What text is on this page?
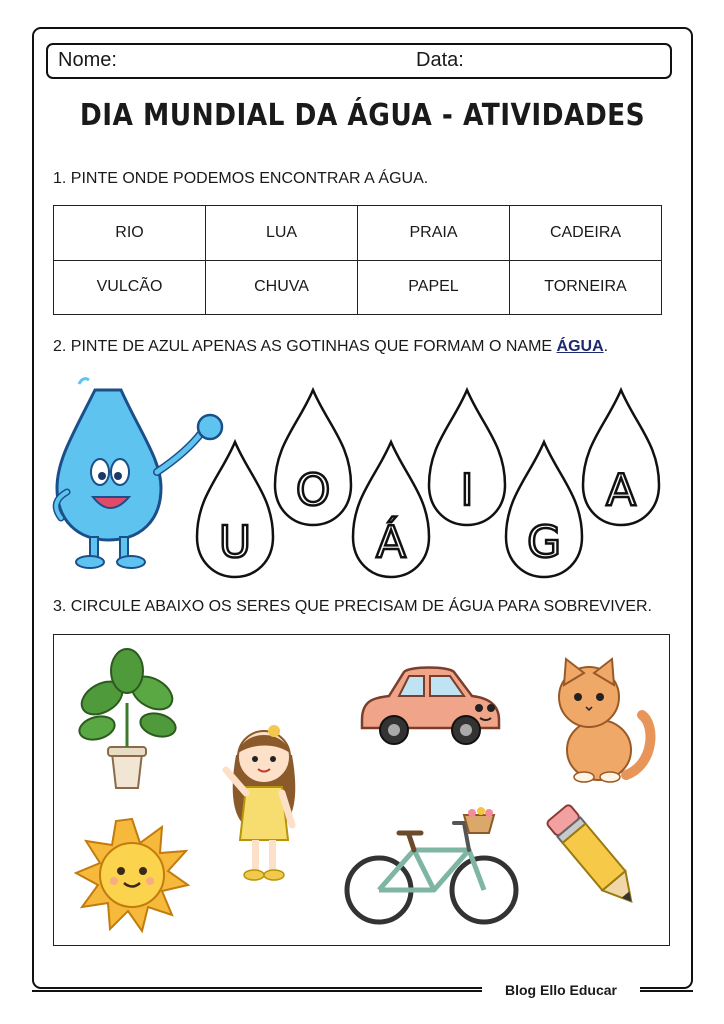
Blog Ello Educar
Nome:	Data:
DIA MUNDIAL DA ÁGUA - ATIVIDADES
1. PINTE ONDE PODEMOS ENCONTRAR A ÁGUA.
RIO	LUA	PRAIA	CADEIRA
VULCÃO	CHUVA	PAPEL	TORNEIRA
2. PINTE DE AZUL APENAS AS GOTINHAS QUE FORMAM O NAME ÁGUA.
U
O
Á
I
G
A
3. CIRCULE ABAIXO OS SERES QUE PRECISAM DE ÁGUA PARA SOBREVIVER.
